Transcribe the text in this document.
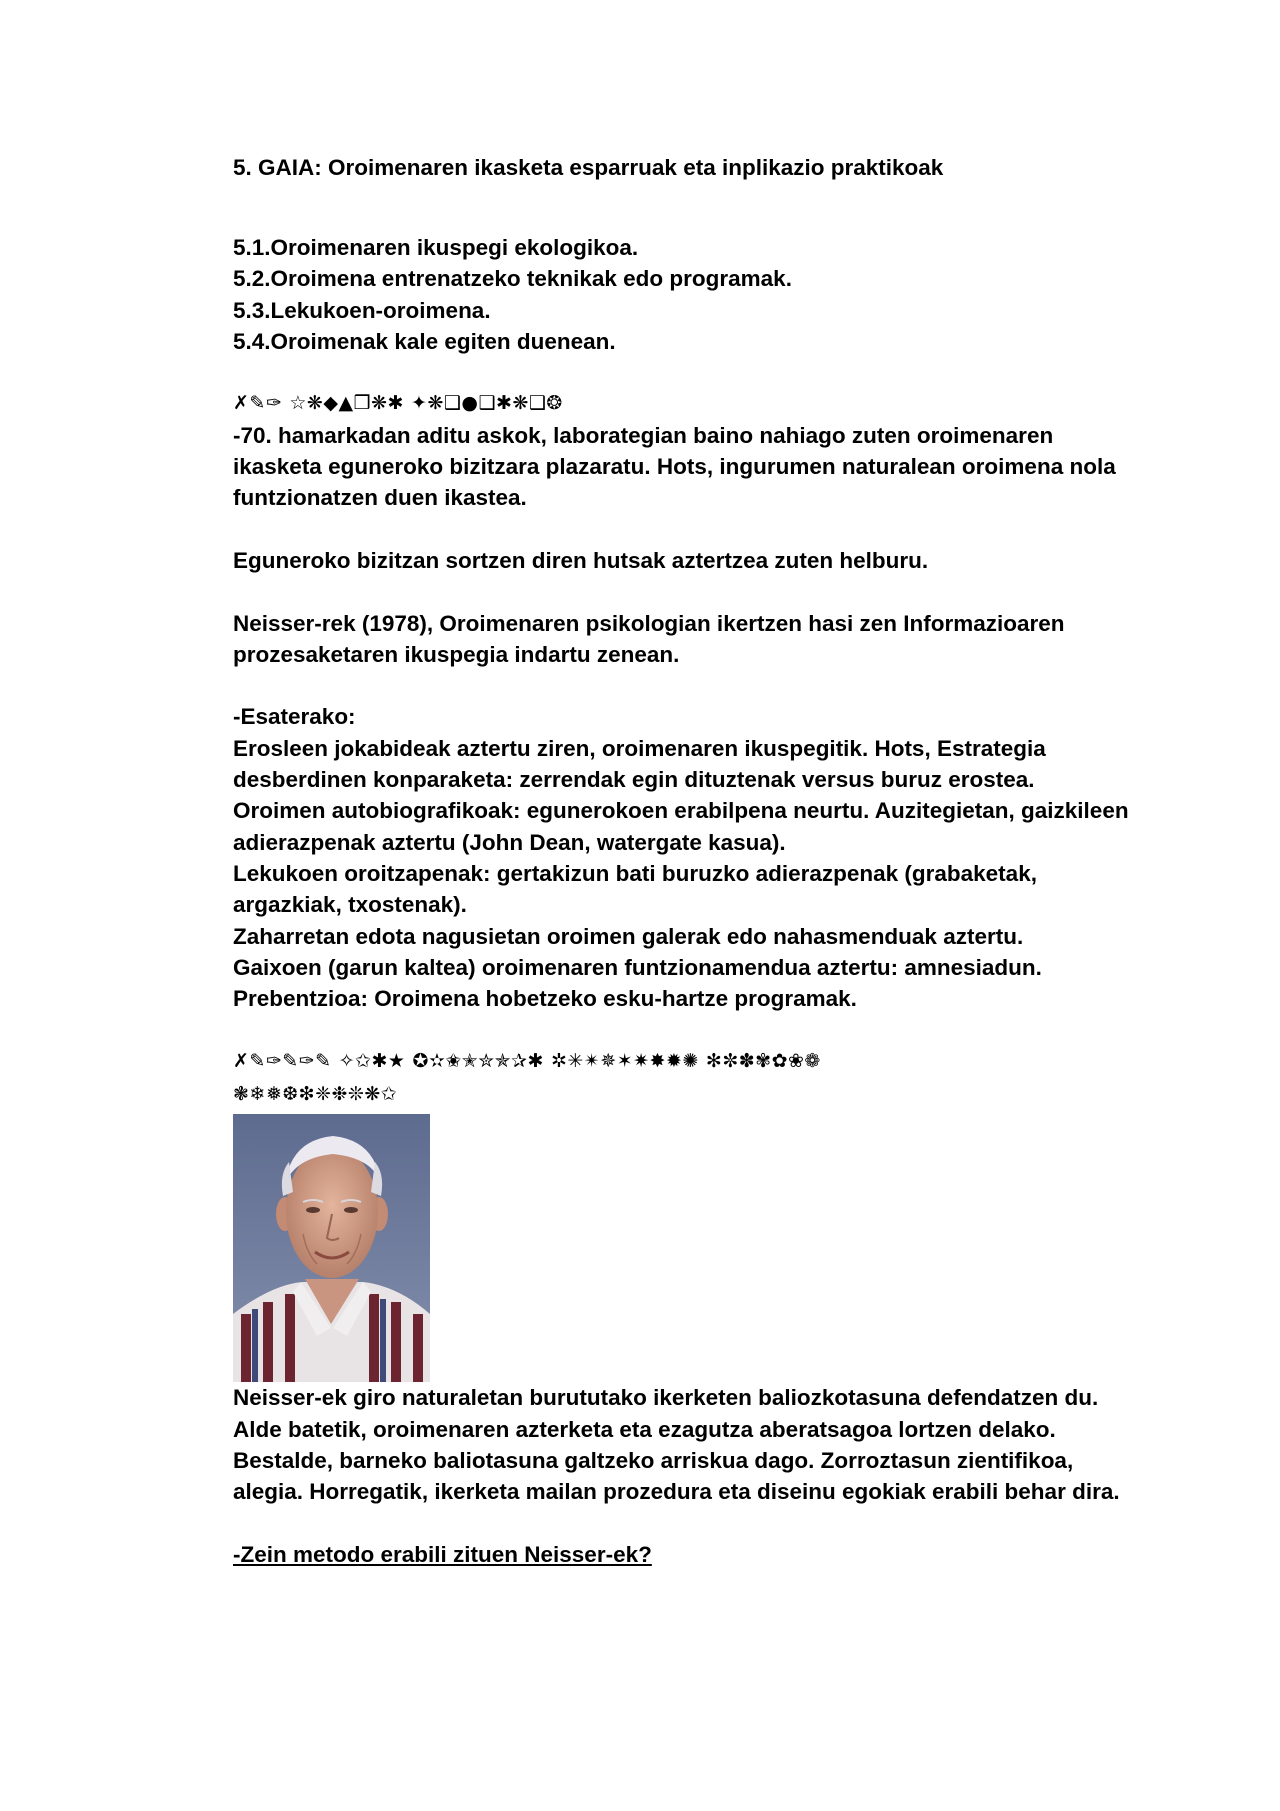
5. GAIA: Oroimenaren ikasketa esparruak eta inplikazio praktikoak

5.1.Oroimenaren ikuspegi ekologikoa.

5.2.Oroimena entrenatzeko teknikak edo programak.

5.3.Lekukoen-oroimena.

5.4.Oroimenak kale egiten duenean.

✗✎✑ ☆❋◆▲❒❋✱ ✦❋❑●❑✱❋❑❂

-70. hamarkadan aditu askok, laborategian baino nahiago zuten oroimenaren ikasketa eguneroko bizitzara plazaratu. Hots, ingurumen naturalean oroimena nola funtzionatzen duen ikastea.

Eguneroko bizitzan sortzen diren hutsak aztertzea zuten helburu.

Neisser-rek (1978), Oroimenaren psikologian ikertzen hasi zen Informazioaren prozesaketaren ikuspegia indartu zenean.

-Esaterako:

Erosleen jokabideak aztertu ziren, oroimenaren ikuspegitik. Hots, Estrategia desberdinen konparaketa: zerrendak egin dituztenak versus buruz erostea.

Oroimen autobiografikoak: egunerokoen erabilpena neurtu. Auzitegietan, gaizkileen adierazpenak aztertu (John Dean, watergate kasua).

Lekukoen oroitzapenak: gertakizun bati buruzko adierazpenak (grabaketak, argazkiak, txostenak).

Zaharretan edota nagusietan oroimen galerak edo nahasmenduak aztertu.

Gaixoen (garun kaltea) oroimenaren funtzionamendua aztertu: amnesiadun.

Prebentzioa: Oroimena hobetzeko esku-hartze programak.

✗✎✑✎✑✎ ✧✩✱★ ✪✫✬✭✮✯✰✱ ✲✳✴✵✶✷✸✹✺ ✻✼✽✾✿❀❁

❃❄❅❆❇❈❉❊❋✩

Neisser-ek giro naturaletan burututako ikerketen baliozkotasuna defendatzen du.

Alde batetik, oroimenaren azterketa eta ezagutza aberatsagoa lortzen delako. Bestalde, barneko baliotasuna galtzeko arriskua dago. Zorroztasun zientifikoa, alegia. Horregatik, ikerketa mailan prozedura eta diseinu egokiak erabili behar dira.

-Zein metodo erabili zituen Neisser-ek?
